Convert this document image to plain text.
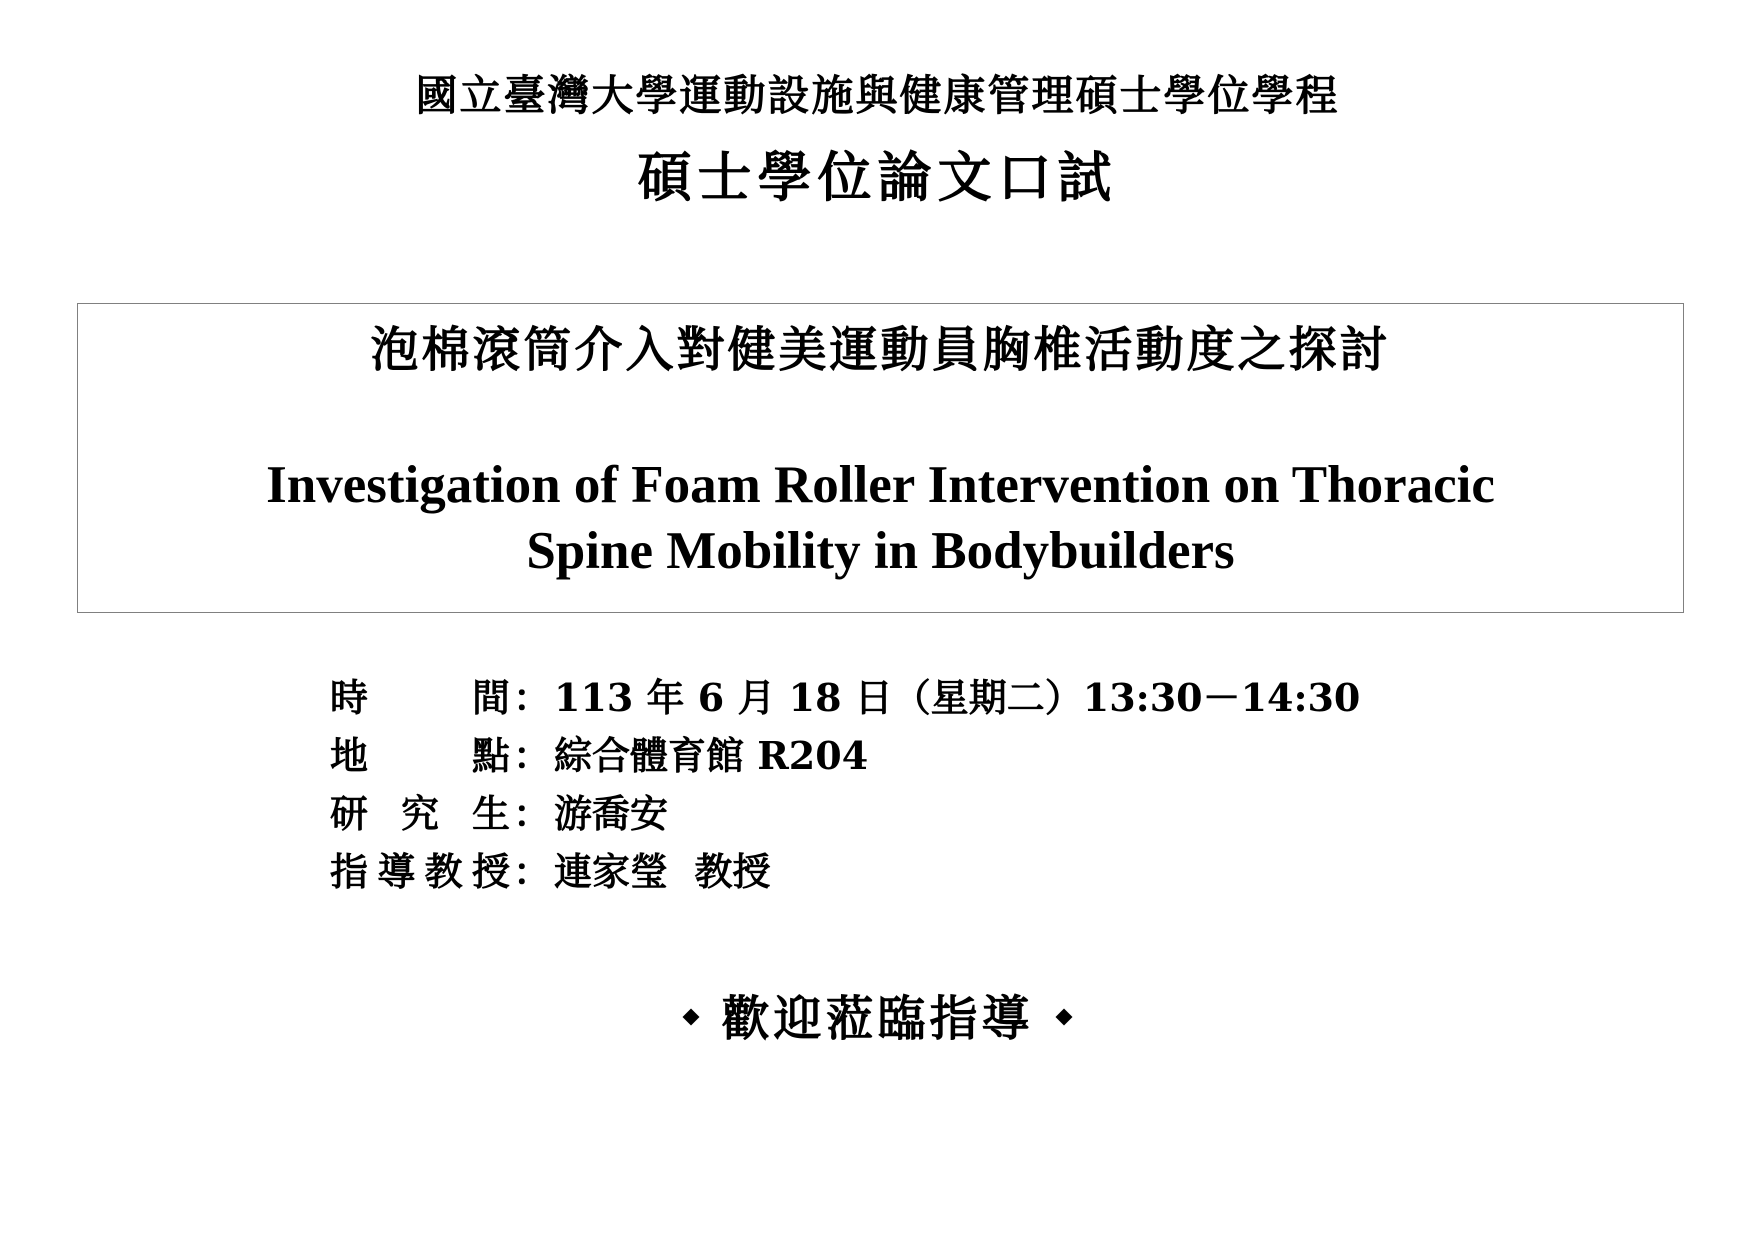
國立臺灣大學運動設施與健康管理碩士學位學程
碩士學位論文口試
泡棉滾筒介入對健美運動員胸椎活動度之探討
Investigation of Foam Roller Intervention on Thoracic
Spine Mobility in Bodybuilders
時	間 ： 113 年 6 月 18 日（星期二）13:30－14:30
地	點 ： 綜合體育館 R204
研 究 生 ： 游喬安
指 導 教 授 ： 連家瑩  教授
歡迎蒞臨指導
